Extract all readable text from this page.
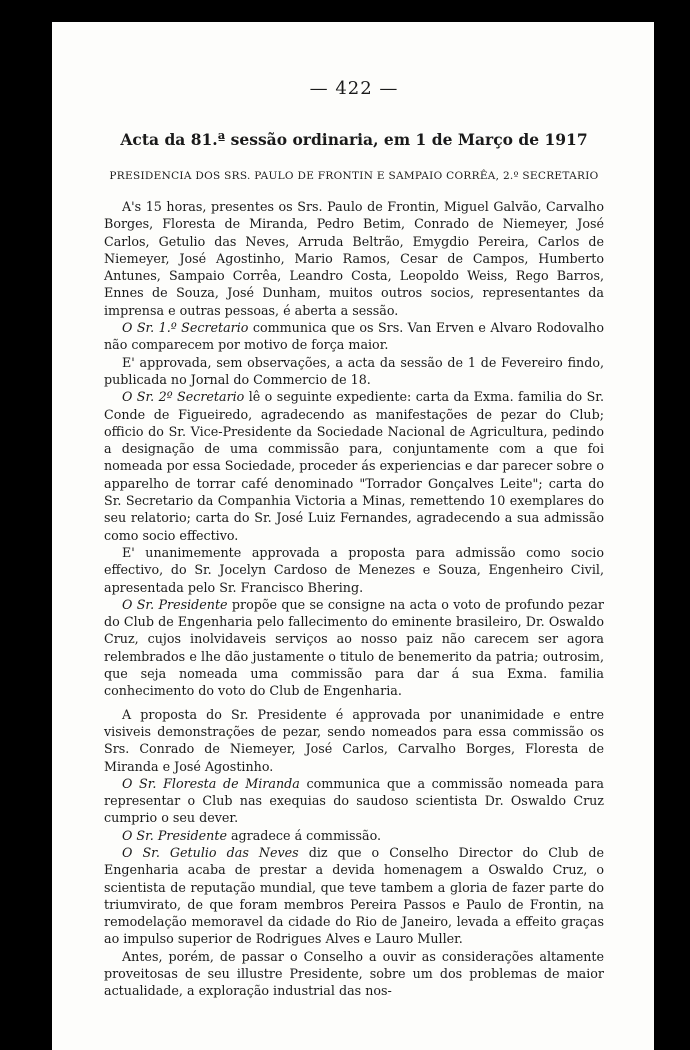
— 422 —
Acta da 81.ª sessão ordinaria, em 1 de Março de 1917
PRESIDENCIA DOS SRS. PAULO DE FRONTIN E SAMPAIO CORRÊA, 2.º SECRETARIO

A's 15 horas, presentes os Srs. Paulo de Frontin, Miguel Galvão, Carvalho Borges, Floresta de Miranda, Pedro Betim, Conrado de Niemeyer, José Carlos, Getulio das Neves, Arruda Beltrão, Emygdio Pereira, Carlos de Niemeyer, José Agostinho, Mario Ramos, Cesar de Campos, Humberto Antunes, Sampaio Corrêa, Leandro Costa, Leopoldo Weiss, Rego Barros, Ennes de Souza, José Dunham, muitos outros socios, representantes da imprensa e outras pessoas, é aberta a sessão.

O Sr. 1.º Secretario communica que os Srs. Van Erven e Alvaro Rodovalho não comparecem por motivo de força maior.

E' approvada, sem observações, a acta da sessão de 1 de Fevereiro findo, publicada no Jornal do Commercio de 18.

O Sr. 2º Secretario lê o seguinte expediente: carta da Exma. familia do Sr. Conde de Figueiredo, agradecendo as manifestações de pezar do Club; officio do Sr. Vice-Presidente da Sociedade Nacional de Agricultura, pedindo a designação de uma commissão para, conjuntamente com a que foi nomeada por essa Sociedade, proceder ás experiencias e dar parecer sobre o apparelho de torrar café denominado "Torrador Gonçalves Leite"; carta do Sr. Secretario da Companhia Victoria a Minas, remettendo 10 exemplares do seu relatorio; carta do Sr. José Luiz Fernandes, agradecendo a sua admissão como socio effectivo.

E' unanimemente approvada a proposta para admissão como socio effectivo, do Sr. Jocelyn Cardoso de Menezes e Souza, Engenheiro Civil, apresentada pelo Sr. Francisco Bhering.

O Sr. Presidente propõe que se consigne na acta o voto de profundo pezar do Club de Engenharia pelo fallecimento do eminente brasileiro, Dr. Oswaldo Cruz, cujos inolvidaveis serviços ao nosso paiz não carecem ser agora relembrados e lhe dão justamente o titulo de benemerito da patria; outrosim, que seja nomeada uma commissão para dar á sua Exma. familia conhecimento do voto do Club de Engenharia.

A proposta do Sr. Presidente é approvada por unanimidade e entre visiveis demonstrações de pezar, sendo nomeados para essa commissão os Srs. Conrado de Niemeyer, José Carlos, Carvalho Borges, Floresta de Miranda e José Agostinho.

O Sr. Floresta de Miranda communica que a commissão nomeada para representar o Club nas exequias do saudoso scientista Dr. Oswaldo Cruz cumprio o seu dever.

O Sr. Presidente agradece á commissão.

O Sr. Getulio das Neves diz que o Conselho Director do Club de Engenharia acaba de prestar a devida homenagem a Oswaldo Cruz, o scientista de reputação mundial, que teve tambem a gloria de fazer parte do triumvirato, de que foram membros Pereira Passos e Paulo de Frontin, na remodelação memoravel da cidade do Rio de Janeiro, levada a effeito graças ao impulso superior de Rodrigues Alves e Lauro Muller.

Antes, porém, de passar o Conselho a ouvir as considerações altamente proveitosas de seu illustre Presidente, sobre um dos problemas de maior actualidade, a exploração industrial das nos-
